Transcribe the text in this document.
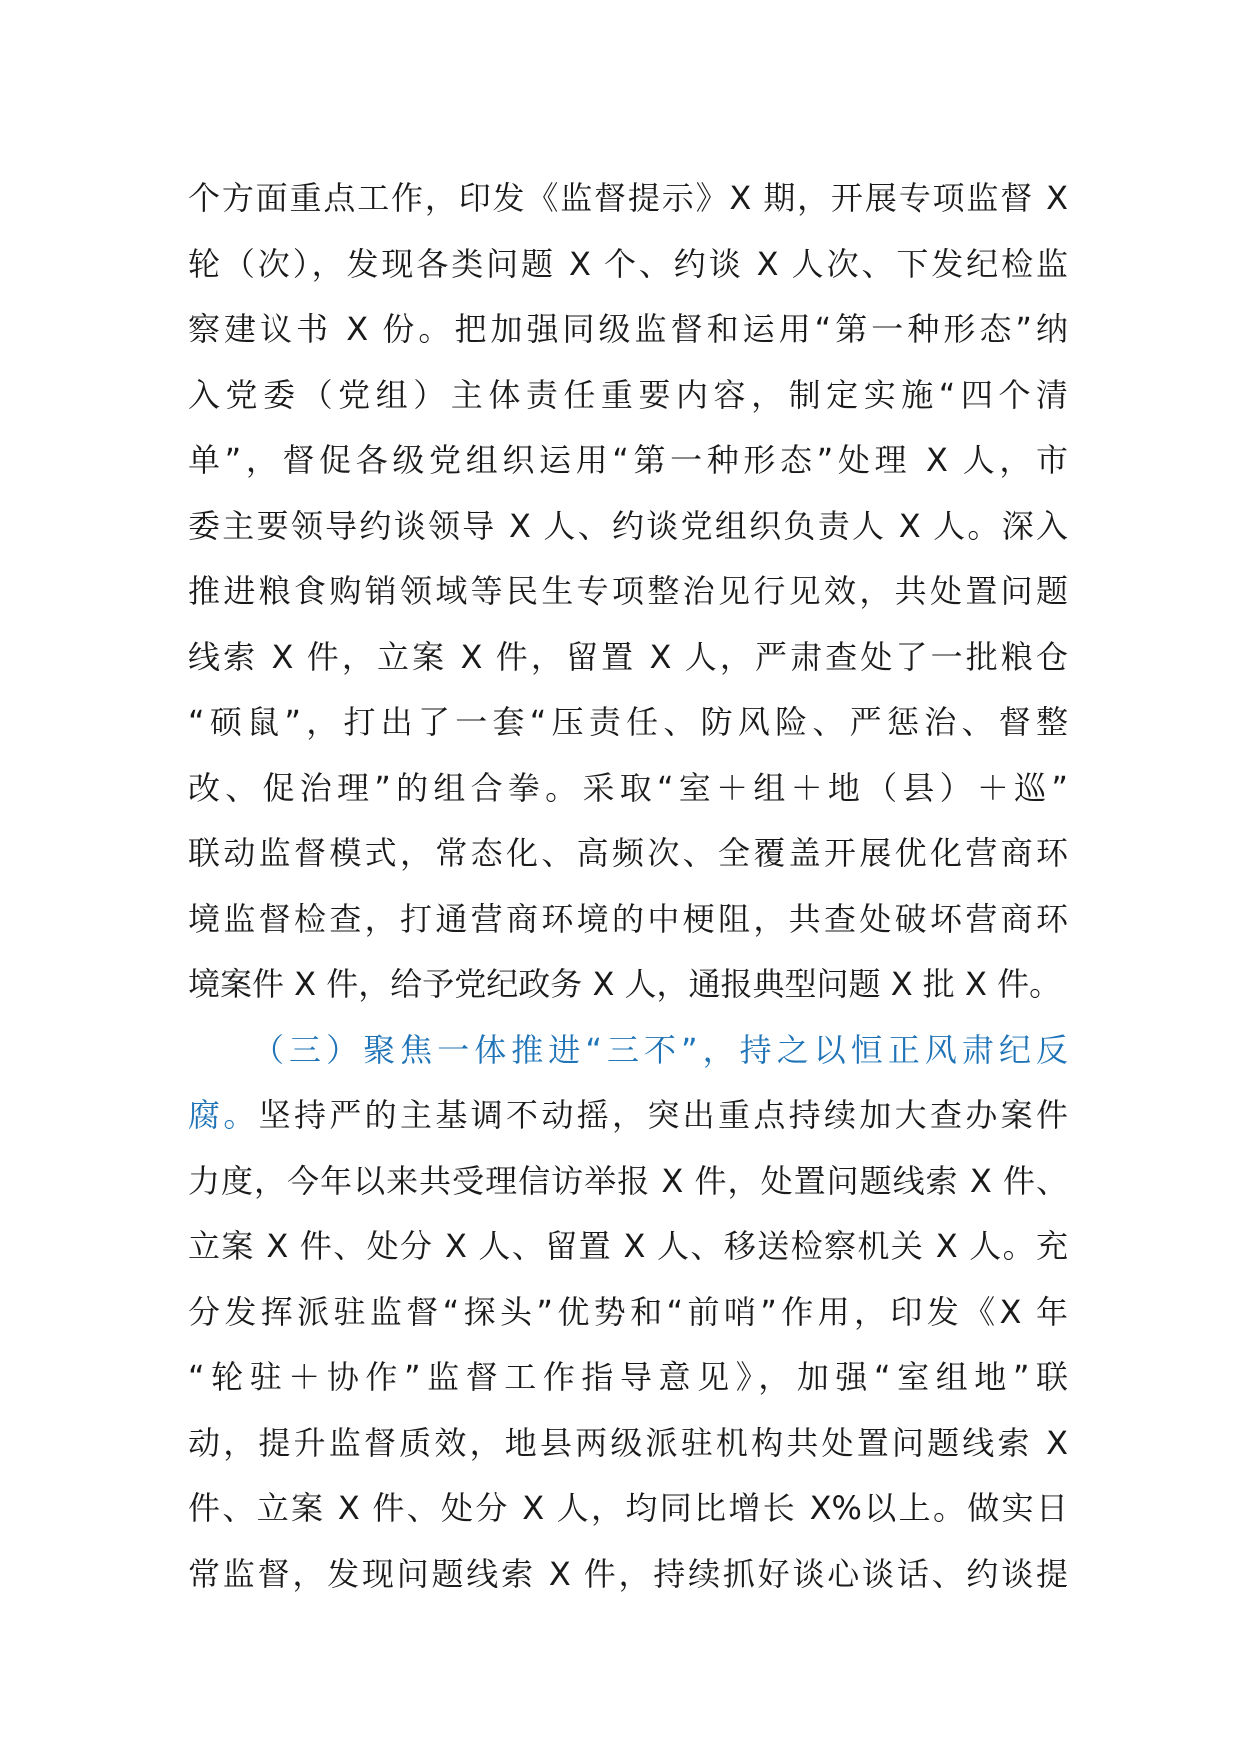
个方面重点工作，印发《监督提示》X 期，开展专项监督 X
轮（次），发现各类问题 X 个、约谈 X 人次、下发纪检监
察建议书 X 份。把加强同级监督和运用“第一种形态”纳
入党委（党组）主体责任重要内容，制定实施“四个清
单”，督促各级党组织运用“第一种形态”处理 X 人，市
委主要领导约谈领导 X 人、约谈党组织负责人 X 人。深入
推进粮食购销领域等民生专项整治见行见效，共处置问题
线索 X 件，立案 X 件，留置 X 人，严肃查处了一批粮仓
“硕鼠”，打出了一套“压责任、防风险、严惩治、督整
改、促治理”的组合拳。采取“室＋组＋地（县）＋巡”
联动监督模式，常态化、高频次、全覆盖开展优化营商环
境监督检查，打通营商环境的中梗阻，共查处破坏营商环
境案件 X 件，给予党纪政务 X 人，通报典型问题 X 批 X 件。
（三）聚焦一体推进“三不”，持之以恒正风肃纪反
腐。坚持严的主基调不动摇，突出重点持续加大查办案件
力度，今年以来共受理信访举报 X 件，处置问题线索 X 件、
立案 X 件、处分 X 人、留置 X 人、移送检察机关 X 人。充
分发挥派驻监督“探头”优势和“前哨”作用，印发《X 年
“轮驻＋协作”监督工作指导意见》，加强“室组地”联
动，提升监督质效，地县两级派驻机构共处置问题线索 X
件、立案 X 件、处分 X 人，均同比增长 X%以上。做实日
常监督，发现问题线索 X 件，持续抓好谈心谈话、约谈提
